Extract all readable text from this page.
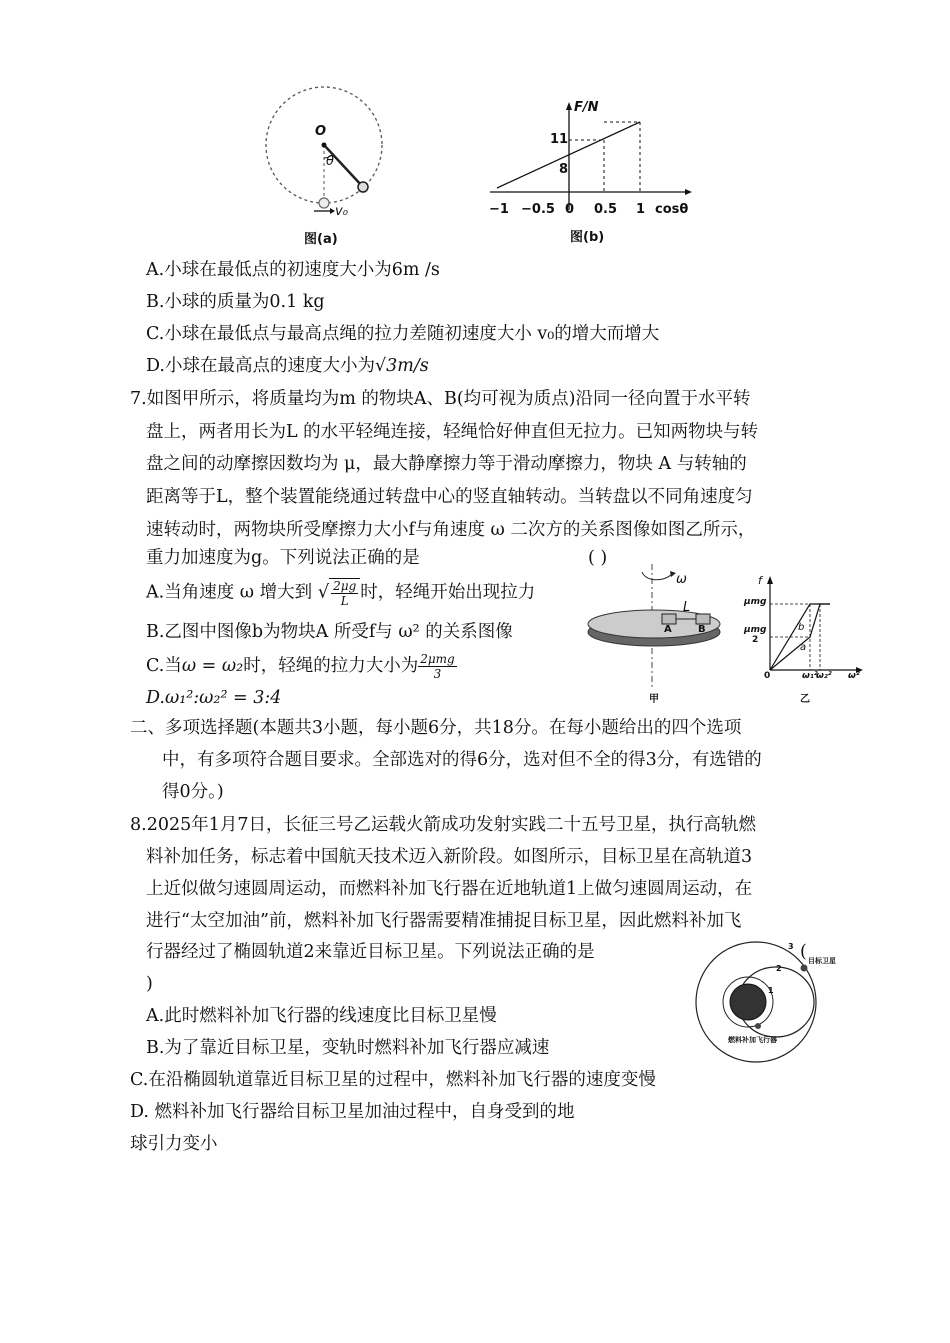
O
θ
v₀
图(a)
F/N
11
8
−1 −0.5 0 0.5 1 cosθ
图(b)
A.小球在最低点的初速度大小为6m /s
B.小球的质量为0.1 kg
C.小球在最低点与最高点绳的拉力差随初速度大小 v₀的增大而增大
D.小球在最高点的速度大小为√3m/s
7.如图甲所示，将质量均为m 的物块A、B(均可视为质点)沿同一径向置于水平转
盘上，两者用长为L 的水平轻绳连接，轻绳恰好伸直但无拉力。已知两物块与转
盘之间的动摩擦因数均为 μ，最大静摩擦力等于滑动摩擦力，物块 A 与转轴的
距离等于L，整个装置能绕通过转盘中心的竖直轴转动。当转盘以不同角速度匀
速转动时，两物块所受摩擦力大小f与角速度 ω 二次方的关系图像如图乙所示，
重力加速度为g。下列说法正确的是	( )
A.当角速度 ω 增大到 √ $\frac{2\mu g}{L}$ 时，轻绳开始出现拉力
B.乙图中图像b为物块A 所受f与 ω² 的关系图像
C.当ω = ω₂时，轻绳的拉力大小为 $\frac{\text{2μmg}}{3}$
D.ω₁²:ω₂² = 3:4
ω
L
A	B
甲
f
μmg
μmg
2
0	ω₁²
ω₂² ω²
a
b
乙
二、多项选择题(本题共3小题，每小题6分，共18分。在每小题给出的四个选项
中，有多项符合题目要求。全部选对的得6分，选对但不全的得3分，有选错的
得0分。)
8.2025年1月7日，长征三号乙运载火箭成功发射实践二十五号卫星，执行高轨燃
料补加任务，标志着中国航天技术迈入新阶段。如图所示，目标卫星在高轨道3
上近似做匀速圆周运动，而燃料补加飞行器在近地轨道1上做匀速圆周运动，在
进行“太空加油”前，燃料补加飞行器需要精准捕捉目标卫星，因此燃料补加飞
行器经过了椭圆轨道2来靠近目标卫星。下列说法正确的是	(
)
A.此时燃料补加飞行器的线速度比目标卫星慢
B.为了靠近目标卫星，变轨时燃料补加飞行器应减速
C.在沿椭圆轨道靠近目标卫星的过程中，燃料补加飞行器的速度变慢
D. 燃料补加飞行器给目标卫星加油过程中，自身受到的地
球引力变小
3
2
1
目标卫星
燃料补加飞行器
